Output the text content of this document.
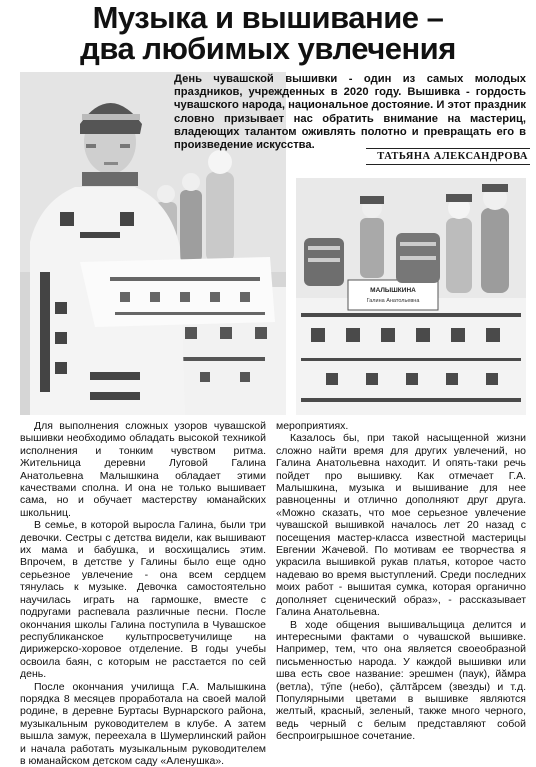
Музыка и вышивание –
два любимых увлечения
День чувашской вышивки - один из самых молодых праздников, учрежденных в 2020 году. Вышивка - гордость чувашского народа, национальное достояние. И этот праздник словно призывает нас обратить внимание на мастериц, владеющих талантом оживлять полотно и превращать его в произведение искусства.
ТАТЬЯНА АЛЕКСАНДРОВА
МАЛЫШКИНА
Галина Анатольевна

Для выполнения сложных узоров чувашской вышивки необходимо обладать высокой техникой исполнения и тонким чувством ритма. Жительница деревни Луговой Галина Анатольевна Малышкина обладает этими качествами сполна. И она не только вышивает сама, но и обучает мастерству юманайских школьниц.

В семье, в которой выросла Галина, были три девочки. Сестры с детства видели, как вышивают их мама и бабушка, и восхищались этим. Впрочем, в детстве у Галины было еще одно серьезное увлечение - она всем сердцем тянулась к музыке. Девочка самостоятельно научилась играть на гармошке, вместе с подругами распевала различные песни. После окончания школы Галина поступила в Чувашское республиканское культпросветучилище на дирижерско-хоровое отделение. В годы учебы освоила баян, с которым не расстается по сей день.

После окончания училища Г.А. Малышкина порядка 8 месяцев проработала на своей малой родине, в деревне Буртасы Вурнарского района, музыкальным руководителем в клубе. А затем вышла замуж, переехала в Шумерлинский район и начала работать музыкальным руководителем в юманайском детском саду «Аленушка».

мероприятиях.

Казалось бы, при такой насыщенной жизни сложно найти время для других увлечений, но Галина Анатольевна находит. И опять-таки речь пойдет про вышивку. Как отмечает Г.А. Малышкина, музыка и вышивание для нее равноценны и отлично дополняют друг друга. «Можно сказать, что мое серьезное увлечение чувашской вышивкой началось лет 20 назад с посещения мастер-класса известной мастерицы Евгении Жачевой. По мотивам ее творчества я украсила вышивкой рукав платья, которое часто надеваю во время выступлений. Среди последних моих работ - вышитая сумка, которая органично дополняет сценический образ», - рассказывает Галина Анатольевна.

В ходе общения вышивальщица делится и интересными фактами о чувашской вышивке. Например, тем, что она является своеобразной письменностью народа. У каждой вышивки или шва есть свое название: эрешмен (паук), йăмра (ветла), тӳпе (небо), çăлтăрсем (звезды) и т.д. Популярными цветами в вышивке являются желтый, красный, зеленый, также много черного, ведь черный с белым представляют собой беспроигрышное сочетание.
